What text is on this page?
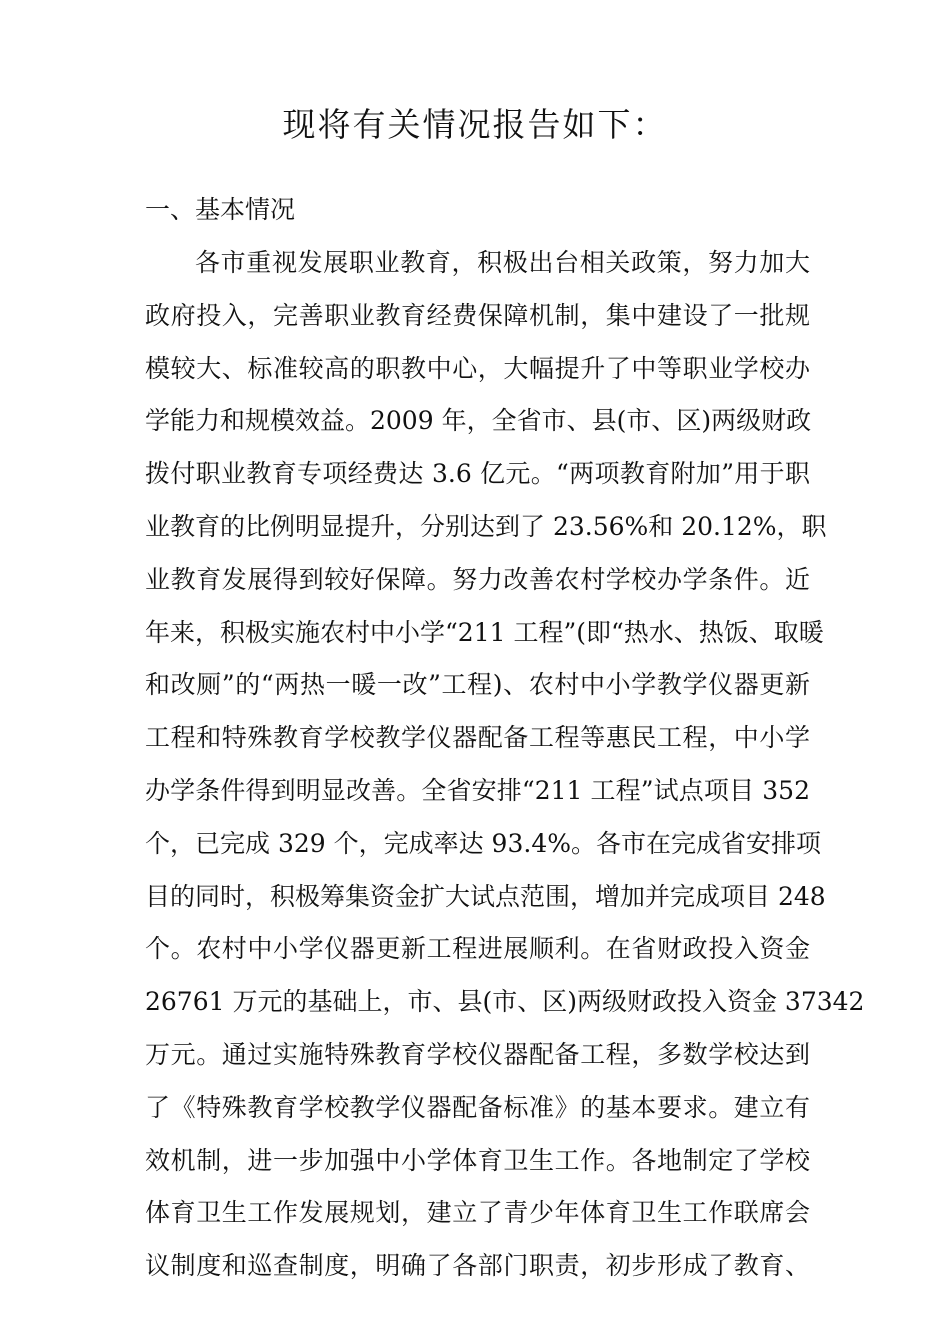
现将有关情况报告如下：
一、基本情况
各市重视发展职业教育，积极出台相关政策，努力加大
政府投入，完善职业教育经费保障机制，集中建设了一批规
模较大、标准较高的职教中心，大幅提升了中等职业学校办
学能力和规模效益。2009 年，全省市、县(市、区)两级财政
拨付职业教育专项经费达 3.6 亿元。“两项教育附加”用于职
业教育的比例明显提升，分别达到了 23.56%和 20.12%，职
业教育发展得到较好保障。努力改善农村学校办学条件。近
年来，积极实施农村中小学“211 工程”(即“热水、热饭、取暖
和改厕”的“两热一暖一改”工程)、农村中小学教学仪器更新
工程和特殊教育学校教学仪器配备工程等惠民工程，中小学
办学条件得到明显改善。全省安排“211 工程”试点项目 352
个，已完成 329 个，完成率达 93.4%。各市在完成省安排项
目的同时，积极筹集资金扩大试点范围，增加并完成项目 248
个。农村中小学仪器更新工程进展顺利。在省财政投入资金
26761 万元的基础上，市、县(市、区)两级财政投入资金 37342
万元。通过实施特殊教育学校仪器配备工程，多数学校达到
了《特殊教育学校教学仪器配备标准》的基本要求。建立有
效机制，进一步加强中小学体育卫生工作。各地制定了学校
体育卫生工作发展规划，建立了青少年体育卫生工作联席会
议制度和巡查制度，明确了各部门职责，初步形成了教育、
